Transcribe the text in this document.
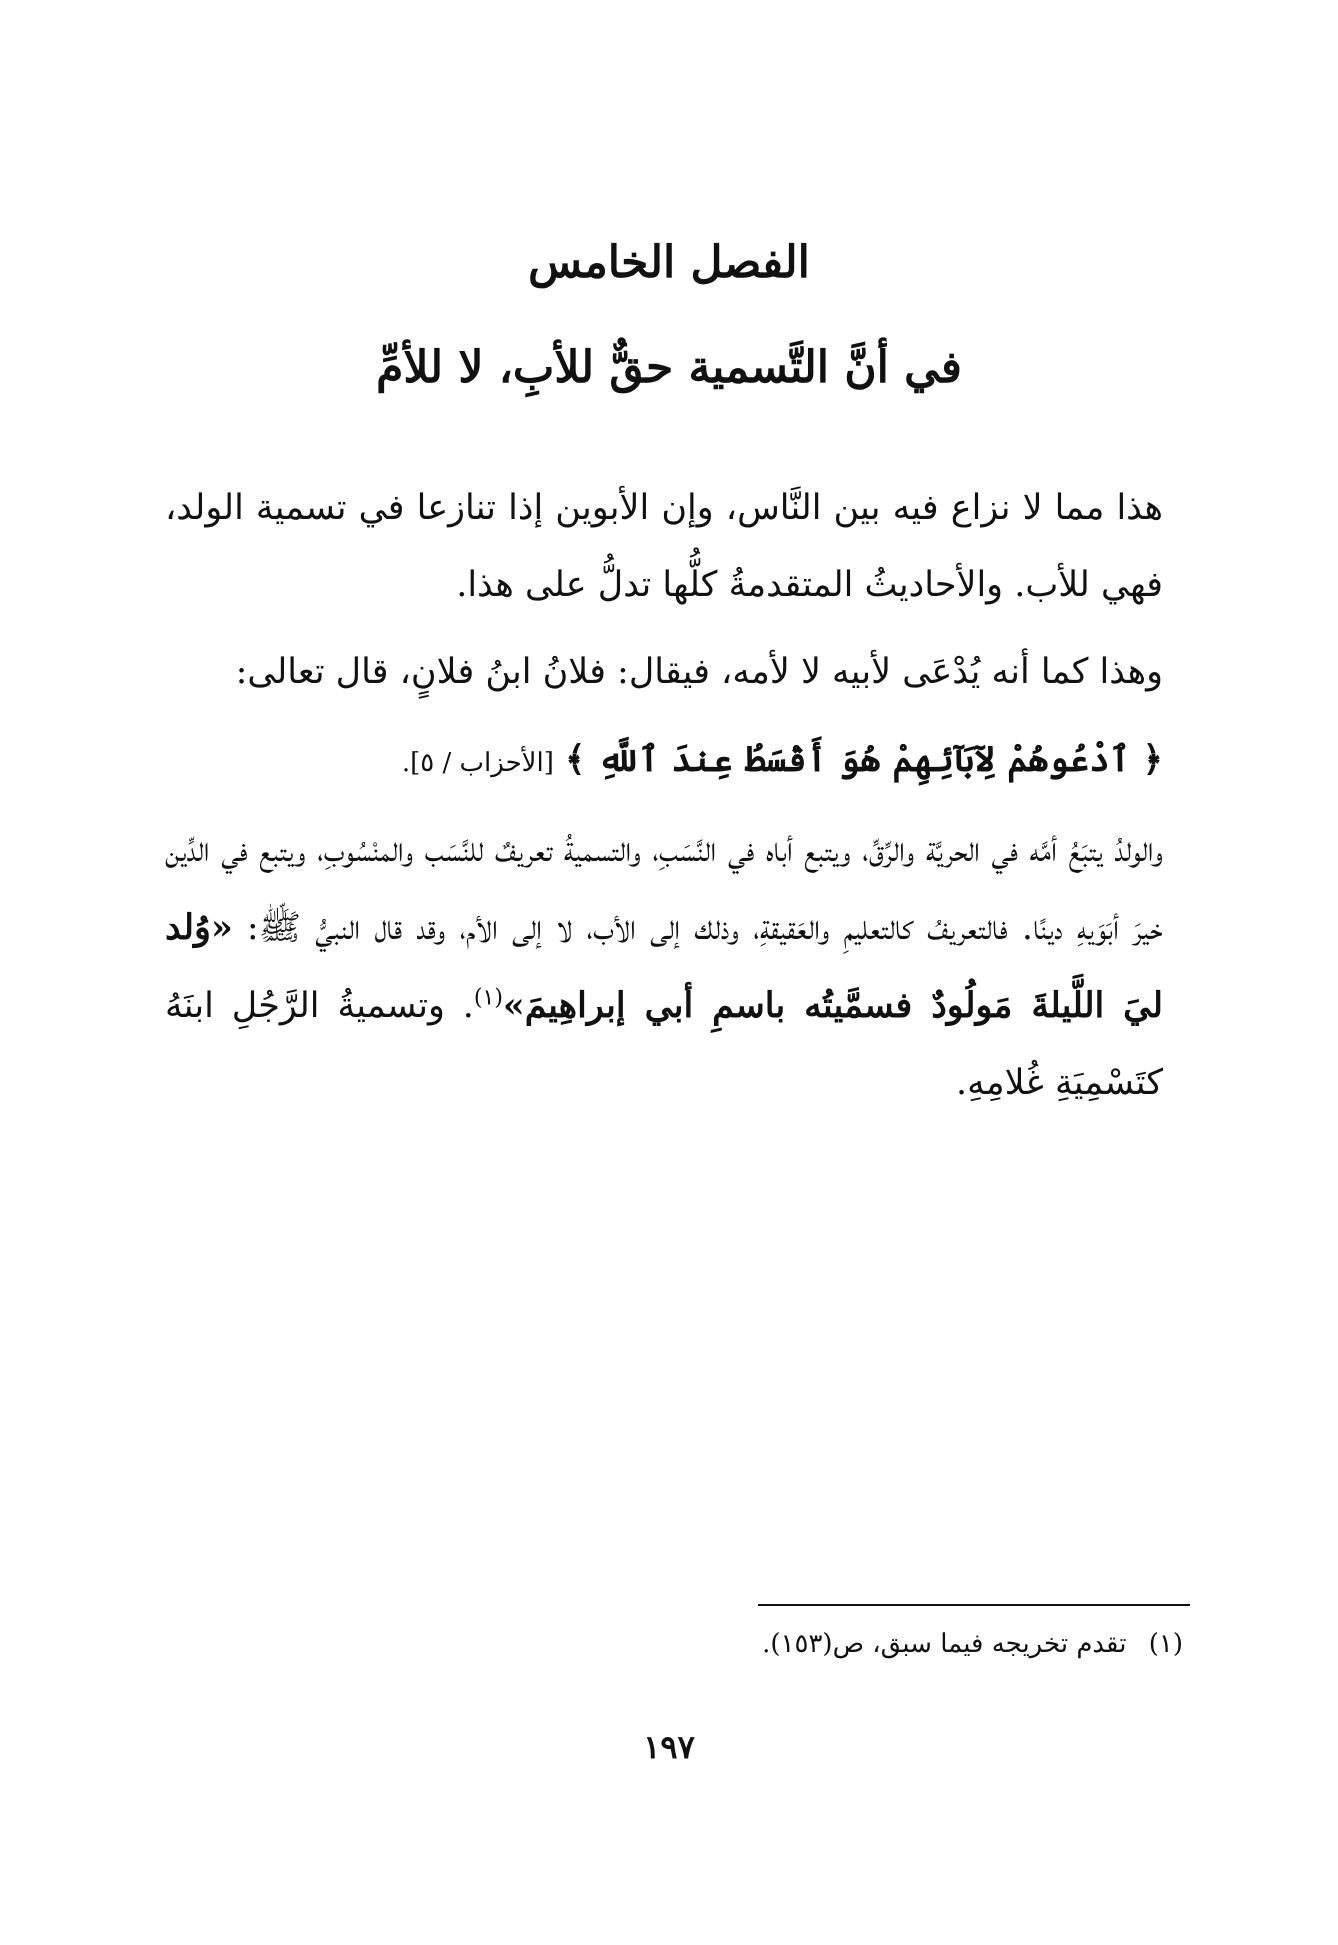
الفصل الخامس
في أنَّ التَّسمية حقٌّ للأبِ، لا للأمِّ

هذا مما لا نزاع فيه بين النَّاس، وإن الأبوين إذا تنازعا في تسمية الولد، فهي للأب. والأحاديثُ المتقدمةُ كلُّها تدلُّ على هذا.

وهذا كما أنه يُدْعَى لأبيه لا لأمه، فيقال: فلانُ ابنُ فلانٍ، قال تعالى:

﴿ ٱدْعُوهُمْ لِآبَآئِهِمْ هُوَ أَقْسَطُ عِندَ ٱللَّهِ ﴾ [الأحزاب / ٥].

والولدُ يتبَعُ أمَّه في الحريَّة والرِّقِّ، ويتبع أباه في النَّسَبِ، والتسميةُ تعريفٌ للنَّسَب والمنْسُوبِ، ويتبع في الدِّين خيرَ أبَوَيهِ دينًا. فالتعريفُ كالتعليمِ والعَقيقةِ، وذلك إلى الأب، لا إلى الأم، وقد قال النبيُّ ﷺ: «وُلد ليَ اللَّيلةَ مَولُودٌ فسمَّيتُه باسمِ أبي إبراهِيمَ»$^{(١)}$. وتسميةُ الرَّجُلِ ابنَهُ كتَسْمِيَةِ غُلامِهِ.

(١) تقدم تخريجه فيما سبق، ص(١٥٣).
١٩٧
